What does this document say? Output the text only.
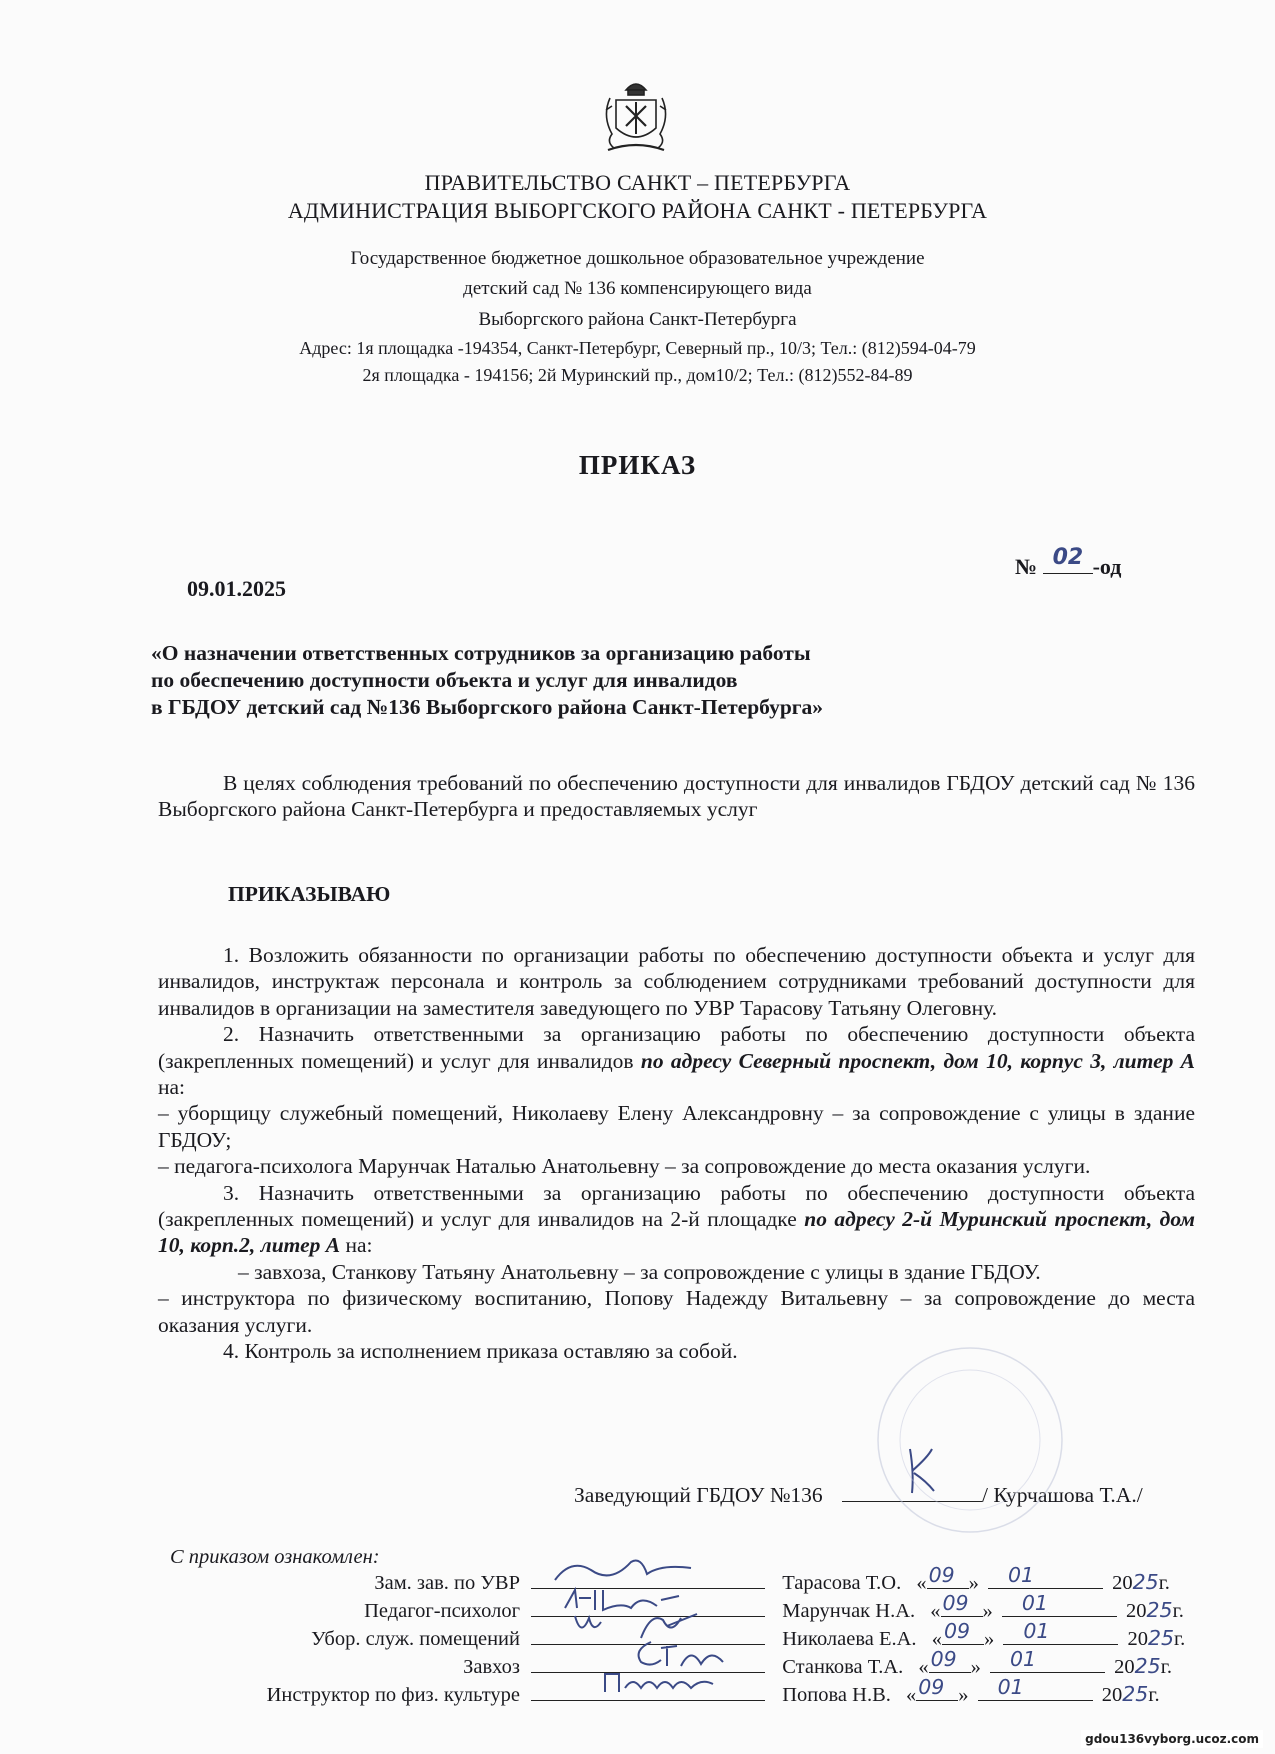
ПРАВИТЕЛЬСТВО САНКТ – ПЕТЕРБУРГА
АДМИНИСТРАЦИЯ ВЫБОРГСКОГО РАЙОНА САНКТ - ПЕТЕРБУРГА
Государственное бюджетное дошкольное образовательное учреждение
детский сад № 136 компенсирующего вида
Выборгского района Санкт-Петербурга
Адрес: 1я площадка -194354, Санкт-Петербург, Северный пр., 10/3; Тел.: (812)594-04-79
2я площадка - 194156; 2й Муринский пр., дом10/2; Тел.: (812)552-84-89
ПРИКАЗ
09.01.2025
№ 02 -од
«О назначении ответственных сотрудников за организацию работы
по обеспечению доступности объекта и услуг для инвалидов
в ГБДОУ детский сад №136 Выборгского района Санкт-Петербурга»

В целях соблюдения требований по обеспечению доступности для инвалидов ГБДОУ детский сад № 136 Выборгского района Санкт-Петербурга и предоставляемых услуг

ПРИКАЗЫВАЮ

1. Возложить обязанности по организации работы по обеспечению доступности объекта и услуг для инвалидов, инструктаж персонала и контроль за соблюдением сотрудниками требований доступности для инвалидов в организации на заместителя заведующего по УВР Тарасову Татьяну Олеговну.

2. Назначить ответственными за организацию работы по обеспечению доступности объекта (закрепленных помещений) и услуг для инвалидов по адресу Северный проспект, дом 10, корпус 3, литер А на:

– уборщицу служебный помещений, Николаеву Елену Александровну – за сопровождение с улицы в здание ГБДОУ;

– педагога-психолога Марунчак Наталью Анатольевну – за сопровождение до места оказания услуги.

3. Назначить ответственными за организацию работы по обеспечению доступности объекта (закрепленных помещений) и услуг для инвалидов на 2-й площадке по адресу 2-й Муринский проспект, дом 10, корп.2, литер А на:

– завхоза, Станкову Татьяну Анатольевну – за сопровождение с улицы в здание ГБДОУ.

– инструктора по физическому воспитанию, Попову Надежду Витальевну – за сопровождение до места оказания услуги.

4. Контроль за исполнением приказа оставляю за собой.

Заведующий ГБДОУ №136	/ Курчашова Т.А./
С приказом ознакомлен:
Зам. зав. по УВР	Тарасова Т.О. « 09 » 01	2025г.
Педагог-психолог	Марунчак Н.А. « 09 » 01	2025г.
Убор. служ. помещений	Николаева Е.А. « 09 » 01	2025г.
Завхоз	Станкова Т.А. « 09 » 01	2025г.
Инструктор по физ. культуре	Попова Н.В. « 09 » 01	2025г.
gdou136vyborg.ucoz.com
